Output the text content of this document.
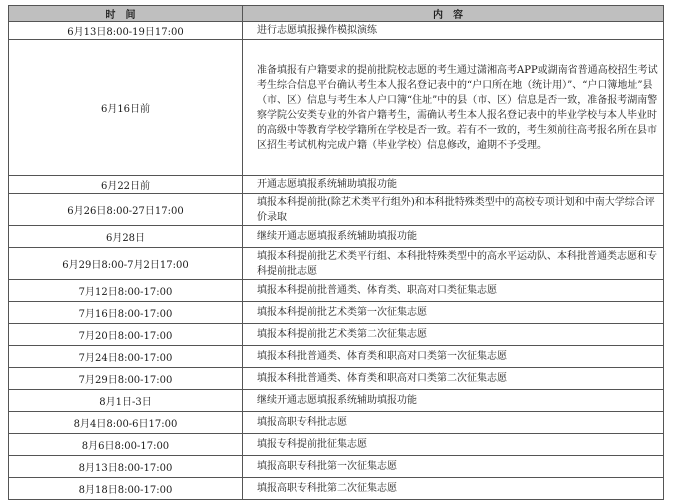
时间	内容
6月13日8:00-19日17:00	进行志愿填报操作模拟演练
6月16日前	准备填报有户籍要求的提前批院校志愿的考生通过潇湘高考APP或湖南省普通高校招生考试考生综合信息平台确认考生本人报名登记表中的“户口所在地（统计用）”、“户口簿地址”县（市、区）信息与考生本人户口簿“住址”中的县（市、区）信息是否一致，准备报考湖南警察学院公安类专业的外省户籍考生，需确认考生本人报名登记表中的毕业学校与本人毕业时的高级中等教育学校学籍所在学校是否一致。若有不一致的，考生须前往高考报名所在县市区招生考试机构完成户籍（毕业学校）信息修改，逾期不予受理。
6月22日前	开通志愿填报系统辅助填报功能
6月26日8:00-27日17:00	填报本科提前批(除艺术类平行组外)和本科批特殊类型中的高校专项计划和中南大学综合评价录取
6月28日	继续开通志愿填报系统辅助填报功能
6月29日8:00-7月2日17:00	填报本科提前批艺术类平行组、本科批特殊类型中的高水平运动队、本科批普通类志愿和专科提前批志愿
7月12日8:00-17:00	填报本科提前批普通类、体育类、职高对口类征集志愿
7月16日8:00-17:00	填报本科提前批艺术类第一次征集志愿
7月20日8:00-17:00	填报本科提前批艺术类第二次征集志愿
7月24日8:00-17:00	填报本科批普通类、体育类和职高对口类第一次征集志愿
7月29日8:00-17:00	填报本科批普通类、体育类和职高对口类第二次征集志愿
8月1日-3日	继续开通志愿填报系统辅助填报功能
8月4日8:00-6日17:00	填报高职专科批志愿
8月6日8:00-17:00	填报专科提前批征集志愿
8月13日8:00-17:00	填报高职专科批第一次征集志愿
8月18日8:00-17:00	填报高职专科批第二次征集志愿
